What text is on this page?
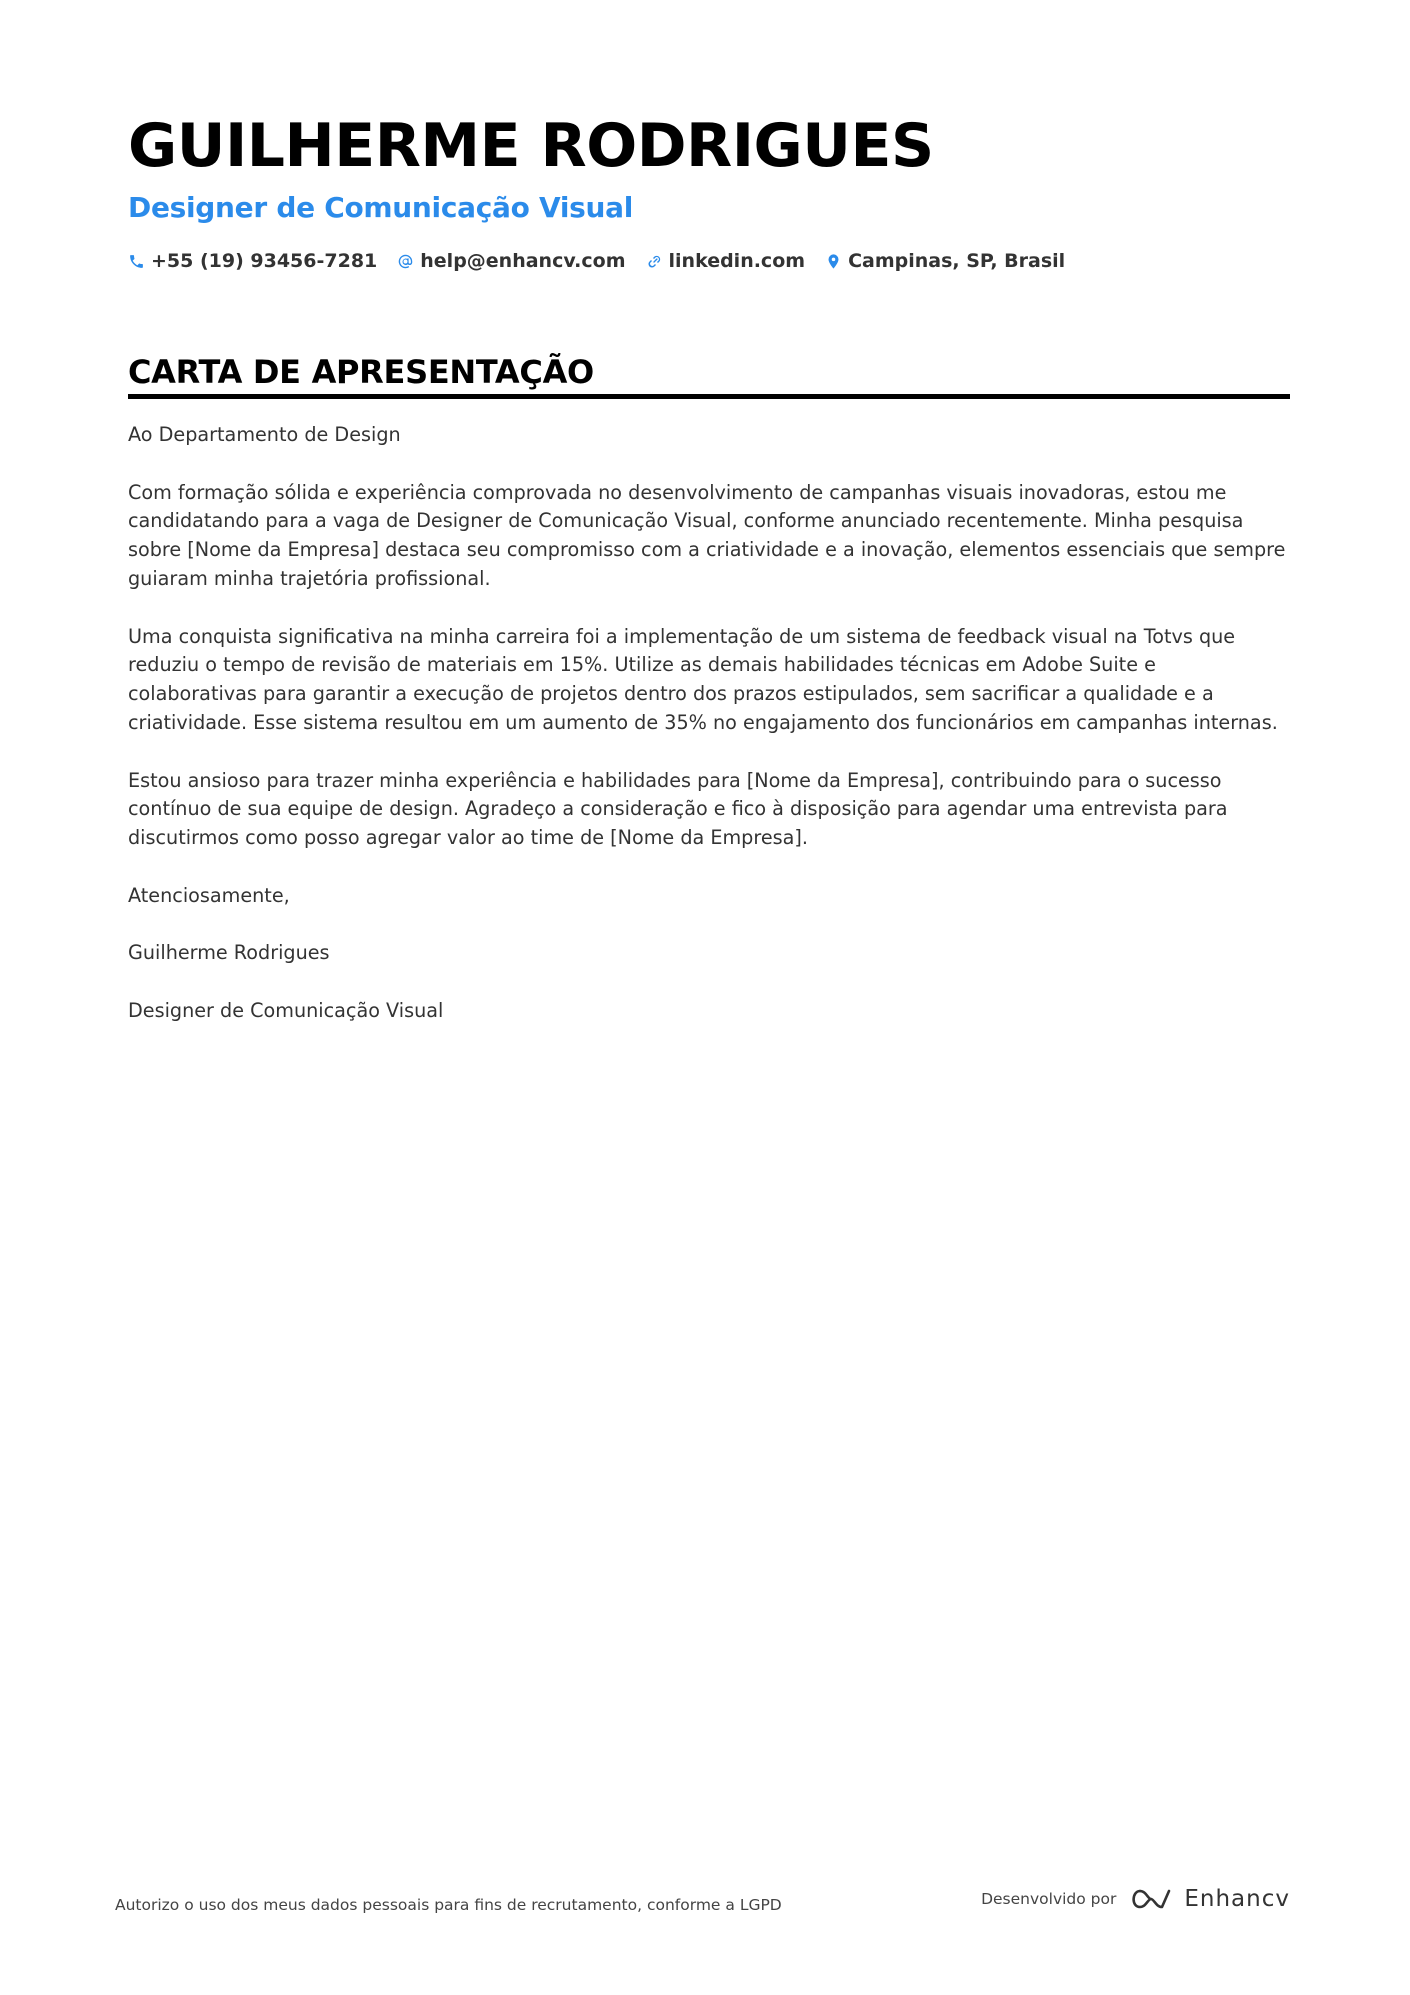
GUILHERME RODRIGUES
Designer de Comunicação Visual
+55 (19) 93456-7281 help@enhancv.com linkedin.com Campinas, SP, Brasil
CARTA DE APRESENTAÇÃO

Ao Departamento de Design

Com formação sólida e experiência comprovada no desenvolvimento de campanhas visuais inovadoras, estou me candidatando para a vaga de Designer de Comunicação Visual, conforme anunciado recentemente. Minha pesquisa sobre [Nome da Empresa] destaca seu compromisso com a criatividade e a inovação, elementos essenciais que sempre guiaram minha trajetória profissional.

Uma conquista significativa na minha carreira foi a implementação de um sistema de feedback visual na Totvs que reduziu o tempo de revisão de materiais em 15%. Utilize as demais habilidades técnicas em Adobe Suite e colaborativas para garantir a execução de projetos dentro dos prazos estipulados, sem sacrificar a qualidade e a criatividade. Esse sistema resultou em um aumento de 35% no engajamento dos funcionários em campanhas internas.

Estou ansioso para trazer minha experiência e habilidades para [Nome da Empresa], contribuindo para o sucesso contínuo de sua equipe de design. Agradeço a consideração e fico à disposição para agendar uma entrevista para discutirmos como posso agregar valor ao time de [Nome da Empresa].

Atenciosamente,

Guilherme Rodrigues

Designer de Comunicação Visual

Autorizo o uso dos meus dados pessoais para fins de recrutamento, conforme a LGPD	Desenvolvido por	Enhancv
